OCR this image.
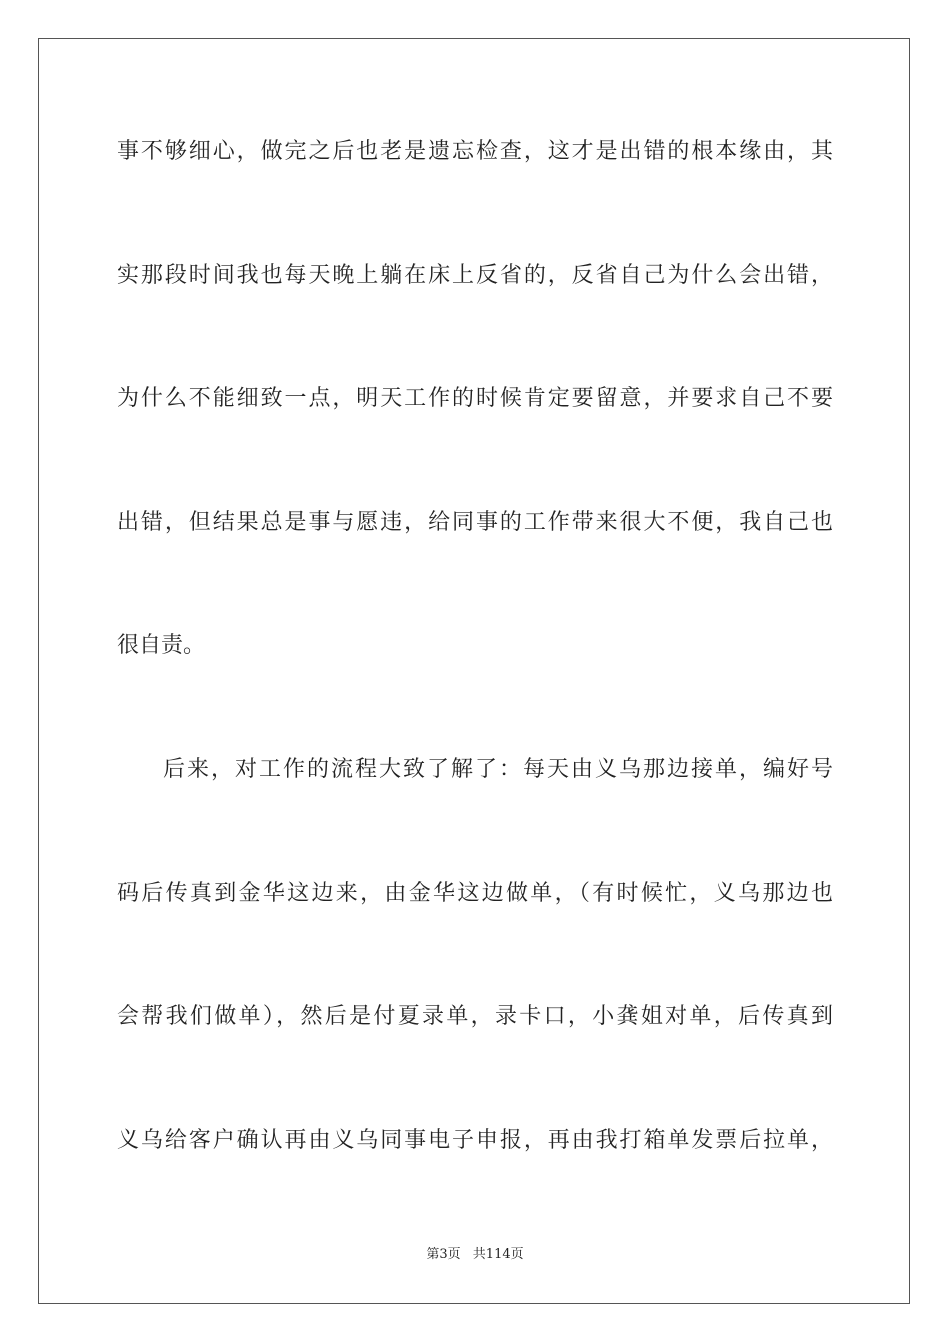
事不够细心，做完之后也老是遗忘检查，这才是出错的根本缘由，其
实那段时间我也每天晚上躺在床上反省的，反省自己为什么会出错，
为什么不能细致一点，明天工作的时候肯定要留意，并要求自己不要
出错，但结果总是事与愿违，给同事的工作带来很大不便，我自己也
很自责。
后来，对工作的流程大致了解了：每天由义乌那边接单，编好号
码后传真到金华这边来，由金华这边做单，（有时候忙，义乌那边也
会帮我们做单），然后是付夏录单，录卡口，小龚姐对单，后传真到
义乌给客户确认再由义乌同事电子申报，再由我打箱单发票后拉单，
第3页 共114页
